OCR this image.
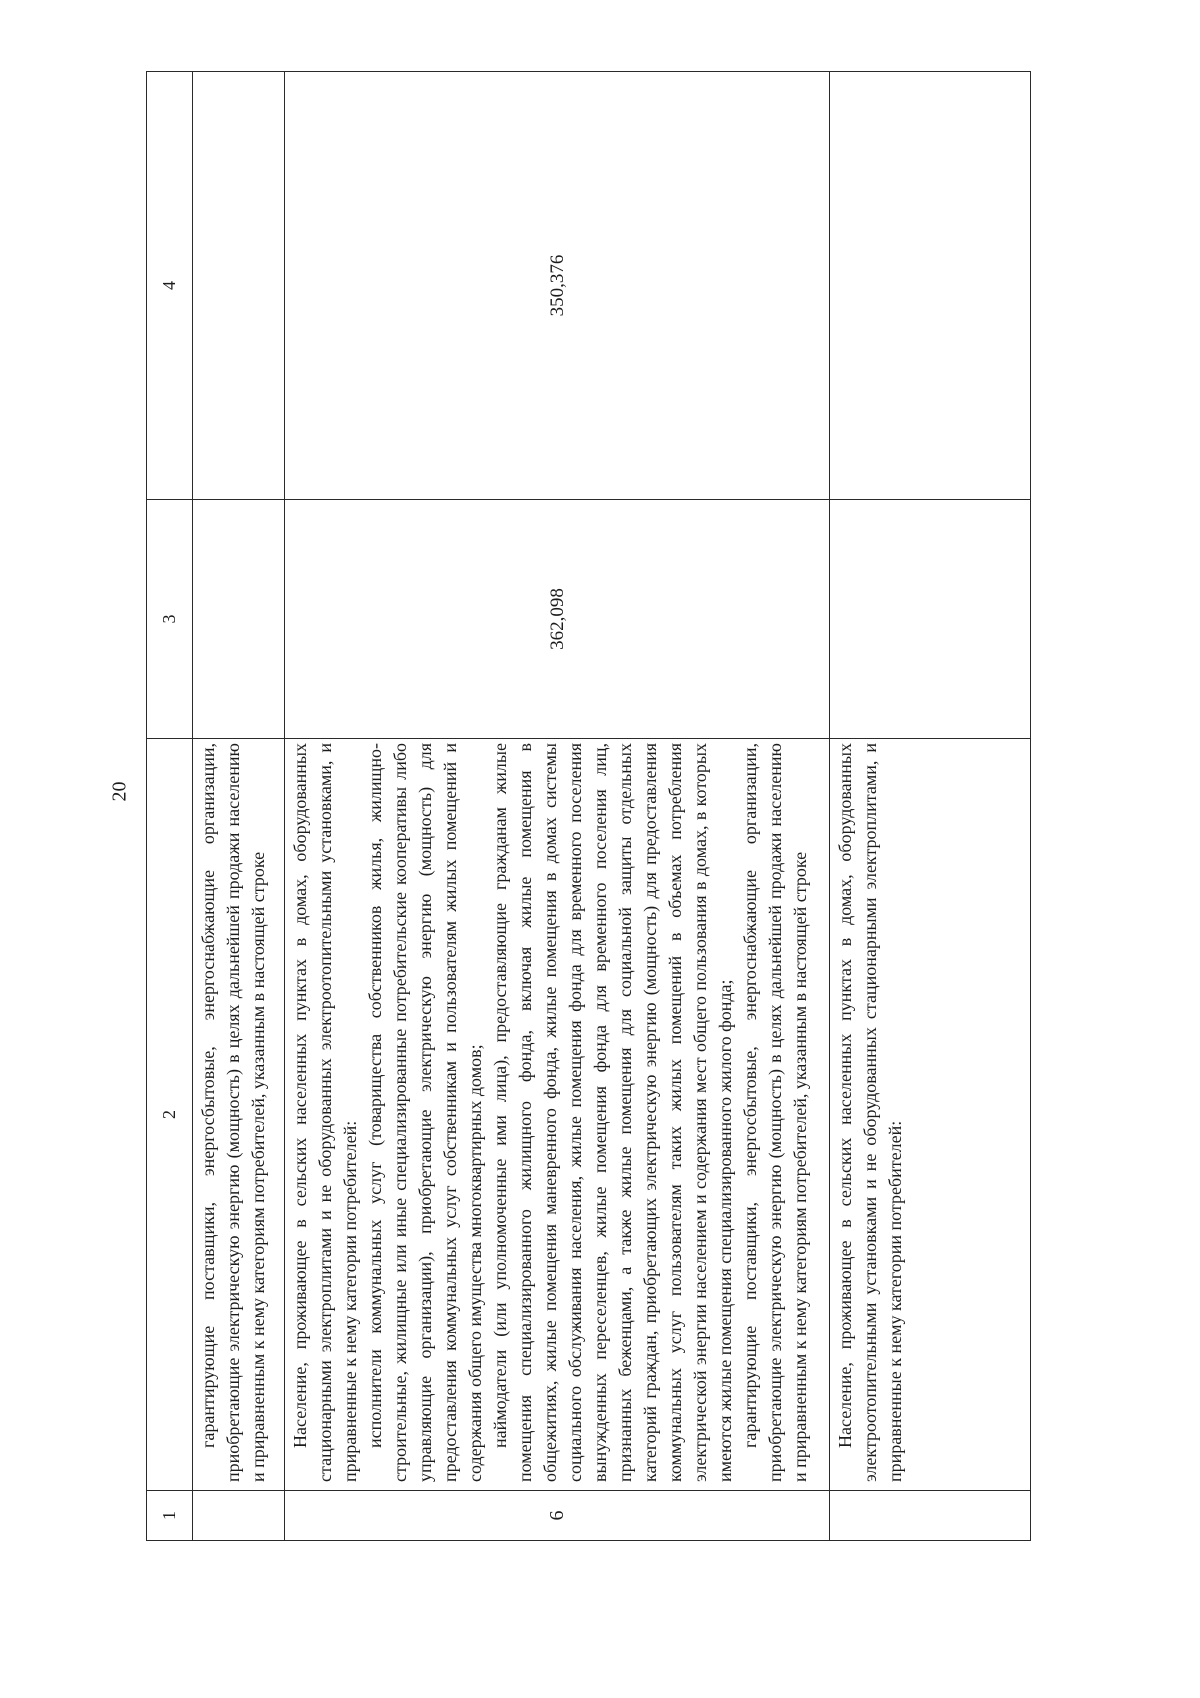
20
1	2	3	4

	гарантирующие поставщики, энергосбытовые, энергоснабжающие организации, приобретающие электрическую энергию (мощность) в целях дальнейшей продажи населению и приравненным к нему категориям потребителей, указанным в настоящей строке		

6	Население, проживающее в сельских населенных пунктах в домах, оборудованных стационарными электроплитами и не оборудованных электроотопительными установками, и приравненные к нему категории потребителей: исполнители коммунальных услуг (товарищества собственников жилья, жилищно-строительные, жилищные или иные специализированные потребительские кооперативы либо управляющие организации), приобретающие электрическую энергию (мощность) для предоставления коммунальных услуг собственникам и пользователям жилых помещений и содержания общего имущества многоквартирных домов; наймодатели (или уполномоченные ими лица), предоставляющие гражданам жилые помещения специализированного жилищного фонда, включая жилые помещения в общежитиях, жилые помещения маневренного фонда, жилые помещения в домах системы социального обслуживания населения, жилые помещения фонда для временного поселения вынужденных переселенцев, жилые помещения фонда для временного поселения лиц, признанных беженцами, а также жилые помещения для социальной защиты отдельных категорий граждан, приобретающих электрическую энергию (мощность) для предоставления коммунальных услуг пользователям таких жилых помещений в объемах потребления электрической энергии населением и содержания мест общего пользования в домах, в которых имеются жилые помещения специализированного жилого фонда; гарантирующие поставщики, энергосбытовые, энергоснабжающие организации, приобретающие электрическую энергию (мощность) в целях дальнейшей продажи населению и приравненным к нему категориям потребителей, указанным в настоящей строке	362,098	350,376

	Население, проживающее в сельских населенных пунктах в домах, оборудованных электроотопительными установками и не оборудованных стационарными электроплитами, и приравненные к нему категории потребителей:		
